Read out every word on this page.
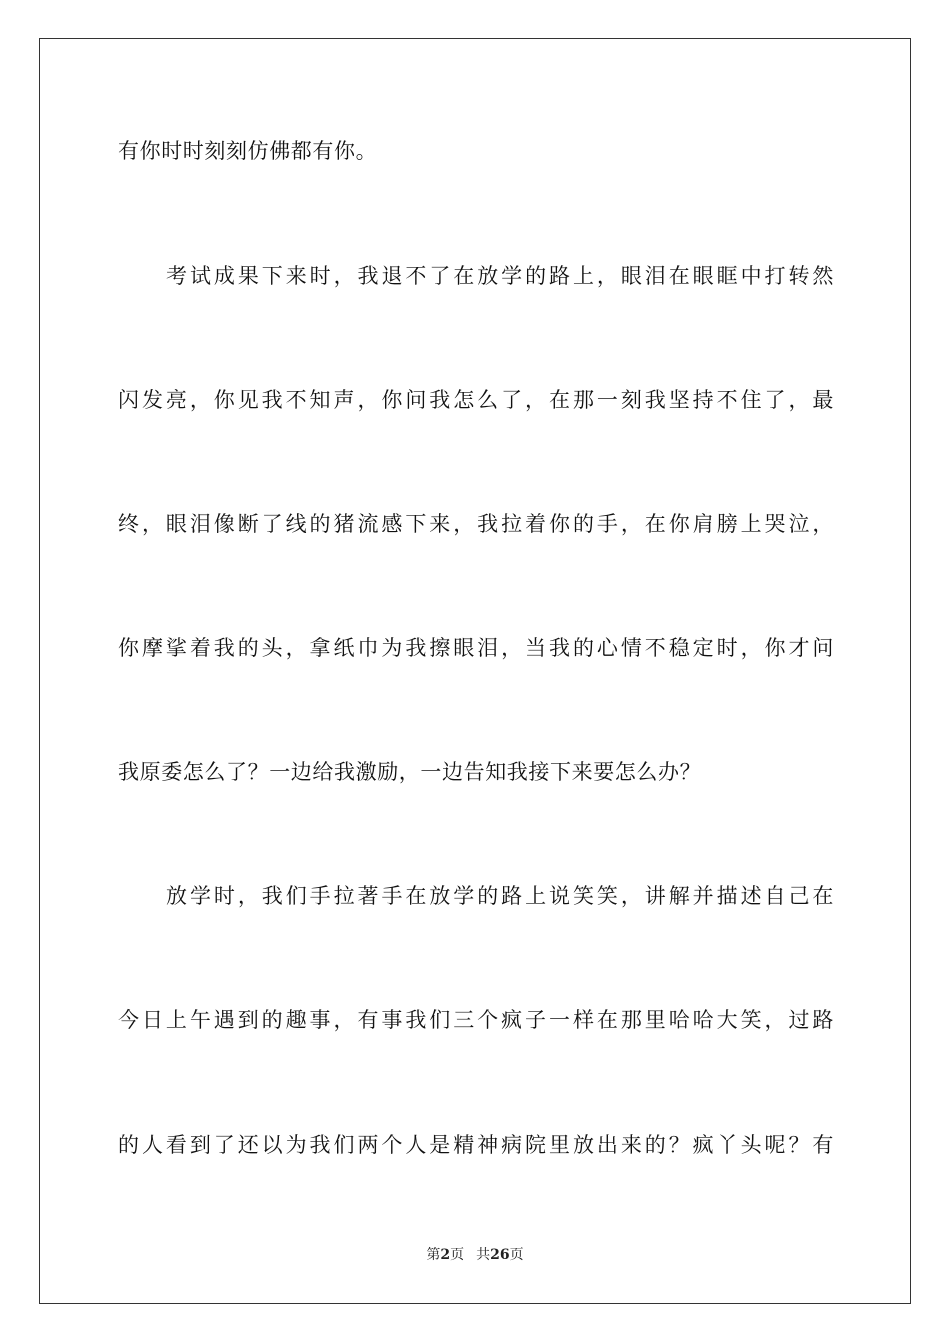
有你时时刻刻仿佛都有你。
考试成果下来时，我退不了在放学的路上，眼泪在眼眶中打转然
闪发亮，你见我不知声，你问我怎么了，在那一刻我坚持不住了，最
终，眼泪像断了线的猪流感下来，我拉着你的手，在你肩膀上哭泣，
你摩挲着我的头，拿纸巾为我擦眼泪，当我的心情不稳定时，你才问
我原委怎么了？一边给我激励，一边告知我接下来要怎么办？
放学时，我们手拉著手在放学的路上说笑笑，讲解并描述自己在
今日上午遇到的趣事，有事我们三个疯子一样在那里哈哈大笑，过路
的人看到了还以为我们两个人是精神病院里放出来的？疯丫头呢？有
第2页 共26页
